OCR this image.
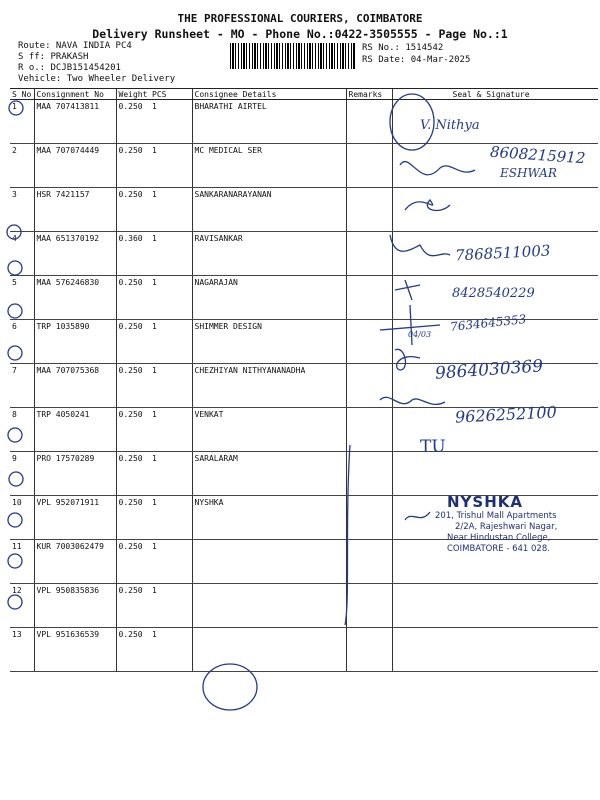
THE PROFESSIONAL COURIERS, COIMBATORE
Delivery Runsheet - MO - Phone No.:0422-3505555 - Page No.:1
Route: NAVA INDIA PC4
S ff: PRAKASH
R o.: DCJB151454201
Vehicle: Two Wheeler Delivery
RS No.: 1514542
RS Date: 04-Mar-2025
S No	Consignment No	Weight	PCS	Consignee Details	Remarks	Seal & Signature
1	MAA 707413811	0.250	1	BHARATHI AIRTEL		
2	MAA 707074449	0.250	1	MC MEDICAL SER		
3	HSR 7421157	0.250	1	SANKARANARAYANAN		
4	MAA 651370192	0.360	1	RAVISANKAR		
5	MAA 576246830	0.250	1	NAGARAJAN		
6	TRP 1035890	0.250	1	SHIMMER DESIGN		
7	MAA 707075368	0.250	1	CHEZHIYAN NITHYANANADHA		
8	TRP 4050241	0.250	1	VENKAT		
9	PRO 17570289	0.250	1	SARALARAM		
10	VPL 952071911	0.250	1	NYSHKA		
11	KUR 7003062479	0.250	1			
12	VPL 950835836	0.250	1			
13	VPL 951636539	0.250	1			
V. Nithya
8608215912
ESHWAR
7868511003
8428540229
04/03
7634645353
9864030369
9626252100
TU
NYSHKA
201, Trishul Mall Apartments
2/2A, Rajeshwari Nagar,
Near Hindustan College,
COIMBATORE - 641 028.
